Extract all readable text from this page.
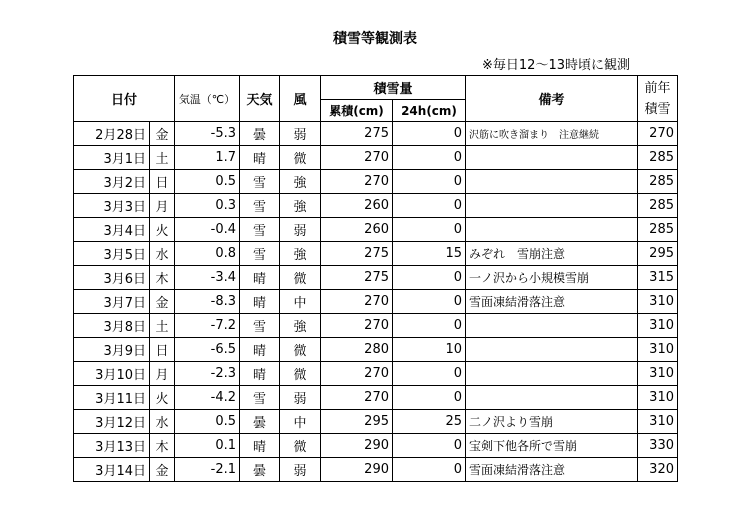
積雪等観測表
※毎日12～13時頃に観測
日付		気温（℃）	天気	風	積雪量		備考	前年
積雪
					累積(cm)	24h(cm)		
2月28日	金	-5.3	曇	弱	275	0	沢筋に吹き溜まり　注意継続	270
3月1日	土	1.7	晴	微	270	0		285
3月2日	日	0.5	雪	強	270	0		285
3月3日	月	0.3	雪	強	260	0		285
3月4日	火	-0.4	雪	弱	260	0		285
3月5日	水	0.8	雪	強	275	15	みぞれ　雪崩注意	295
3月6日	木	-3.4	晴	微	275	0	一ノ沢から小規模雪崩	315
3月7日	金	-8.3	晴	中	270	0	雪面凍結滑落注意	310
3月8日	土	-7.2	雪	強	270	0		310
3月9日	日	-6.5	晴	微	280	10		310
3月10日	月	-2.3	晴	微	270	0		310
3月11日	火	-4.2	雪	弱	270	0		310
3月12日	水	0.5	曇	中	295	25	二ノ沢より雪崩	310
3月13日	木	0.1	晴	微	290	0	宝剣下他各所で雪崩	330
3月14日	金	-2.1	曇	弱	290	0	雪面凍結滑落注意	320
